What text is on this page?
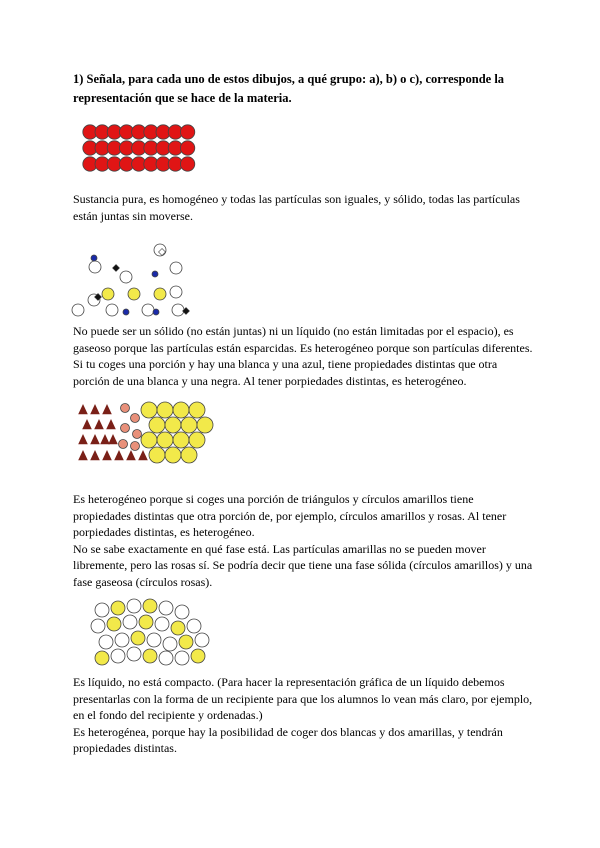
1) Señala, para cada uno de estos dibujos, a qué grupo: a), b) o c), corresponde la representación que se hace de la materia.
Sustancia pura, es homogéneo y todas las partículas son iguales, y sólido, todas las partículas están juntas sin moverse.
No puede ser un sólido (no están juntas) ni un líquido (no están limitadas por el espacio), es gaseoso porque las partículas están esparcidas. Es heterogéneo porque son partículas diferentes. Si tu coges una porción y hay una blanca y una azul, tiene propiedades distintas que otra porción de una blanca y una negra. Al tener porpiedades distintas, es heterogéneo.
Es heterogéneo porque si coges una porción de triángulos y círculos amarillos tiene propiedades distintas que otra porción de, por ejemplo, círculos amarillos y rosas. Al tener porpiedades distintas, es heterogéneo.
No se sabe exactamente en qué fase está. Las partículas amarillas no se pueden mover libremente, pero las rosas sí. Se podría decir que tiene una fase sólida (círculos amarillos) y una fase gaseosa (círculos rosas).
Es líquido, no está compacto. (Para hacer la representación gráfica de un líquido debemos presentarlas con la forma de un recipiente para que los alumnos lo vean más claro, por ejemplo, en el fondo del recipiente y ordenadas.)
Es heterogénea, porque hay la posibilidad de coger dos blancas y dos amarillas, y tendrán propiedades distintas.
